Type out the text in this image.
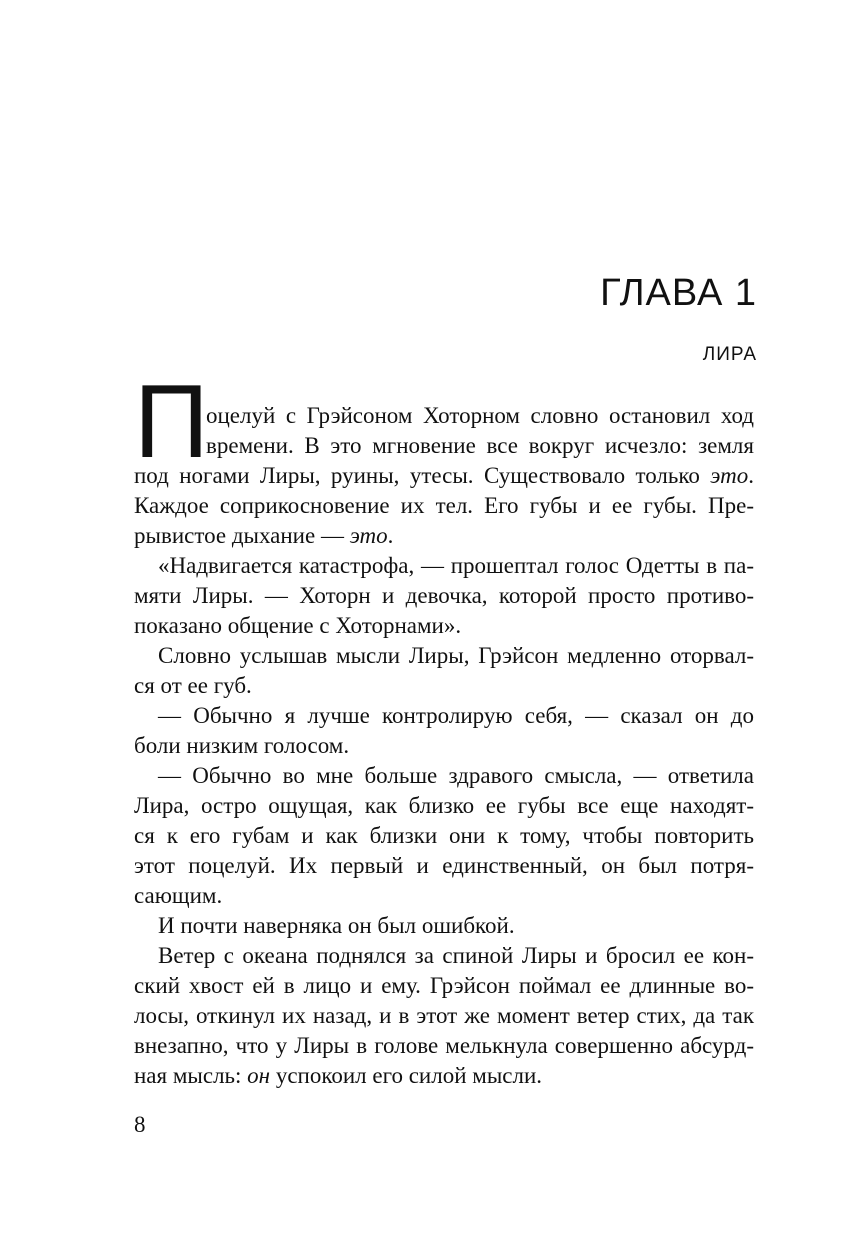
ГЛАВА 1
ЛИРА
П
оцелуй с Грэйсоном Хоторном словно остановил ход
времени. В это мгновение все вокруг исчезло: земля
под ногами Лиры, руины, утесы. Существовало только это.
Каждое соприкосновение их тел. Его губы и ее губы. Пре-
рывистое дыхание — это.
«Надвигается катастрофа, — прошептал голос Одетты в па-
мяти Лиры. — Хоторн и девочка, которой просто противо-
показано общение с Хоторнами».
Словно услышав мысли Лиры, Грэйсон медленно оторвал-
ся от ее губ.
— Обычно я лучше контролирую себя, — сказал он до
боли низким голосом.
— Обычно во мне больше здравого смысла, — ответила
Лира, остро ощущая, как близко ее губы все еще находят-
ся к его губам и как близки они к тому, чтобы повторить
этот поцелуй. Их первый и единственный, он был потря-
сающим.
И почти наверняка он был ошибкой.
Ветер с океана поднялся за спиной Лиры и бросил ее кон-
ский хвост ей в лицо и ему. Грэйсон поймал ее длинные во-
лосы, откинул их назад, и в этот же момент ветер стих, да так
внезапно, что у Лиры в голове мелькнула совершенно абсурд-
ная мысль: он успокоил его силой мысли.
8
